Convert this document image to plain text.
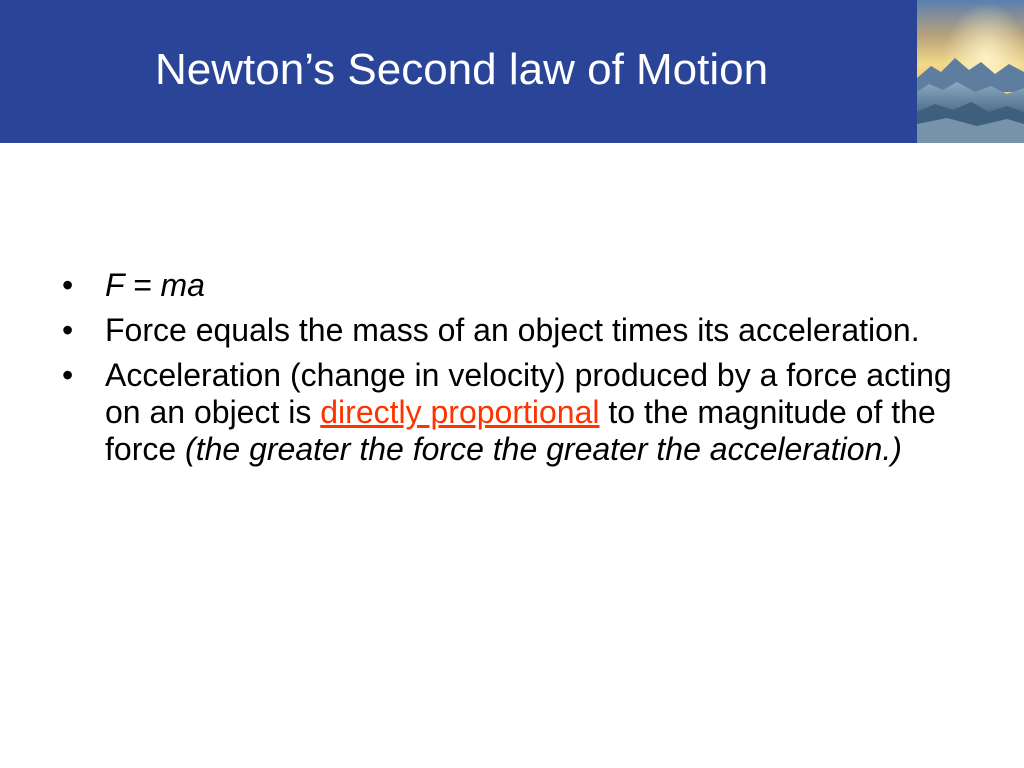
Newton’s Second law of Motion
• F = ma
• Force equals the mass of an object times its acceleration.
• Acceleration (change in velocity) produced by a force acting on an object is directly proportional to the magnitude of the force (the greater the force the greater the acceleration.)
